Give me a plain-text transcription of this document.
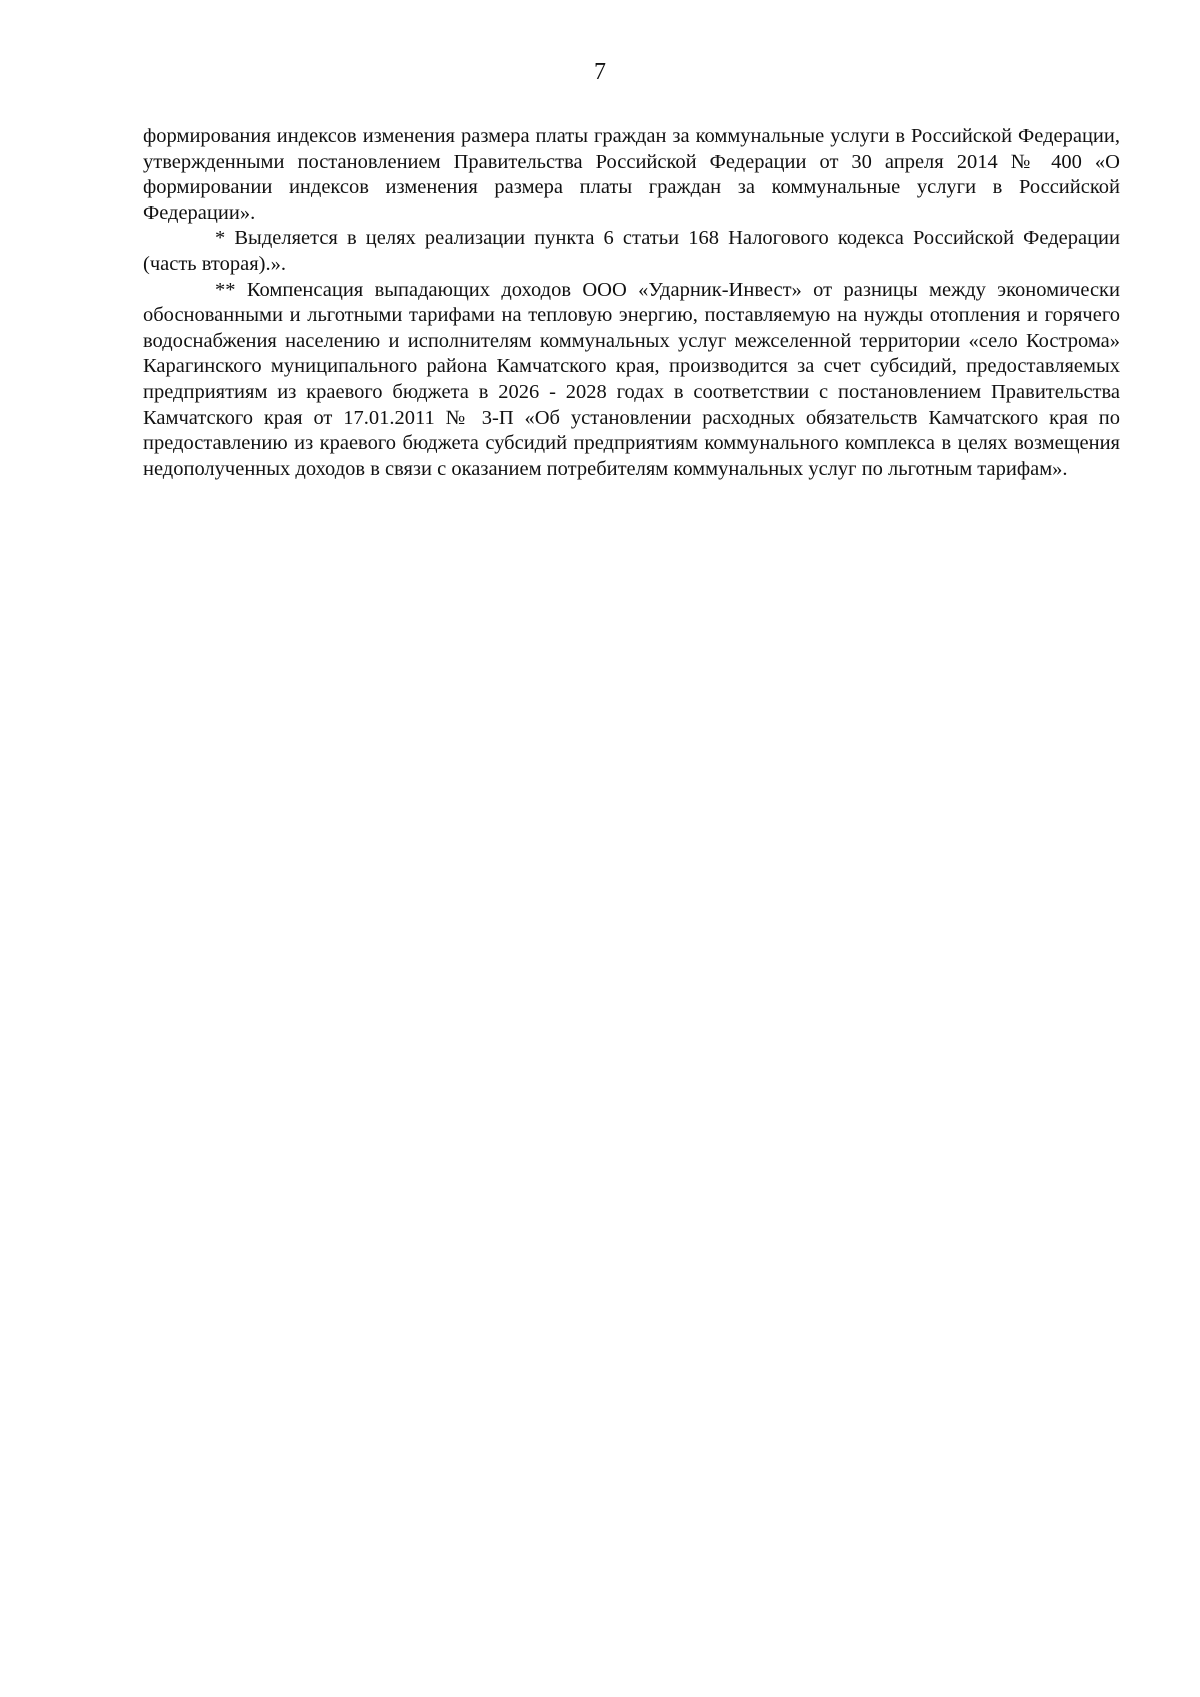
7

формирования индексов изменения размера платы граждан за коммунальные услуги в Российской Федерации, утвержденными постановлением Правительства Российской Федерации от 30 апреля 2014 № 400 «О формировании индексов изменения размера платы граждан за коммунальные услуги в Российской Федерации».

* Выделяется в целях реализации пункта 6 статьи 168 Налогового кодекса Российской Федерации (часть вторая).».

** Компенсация выпадающих доходов ООО «Ударник-Инвест» от разницы между экономически обоснованными и льготными тарифами на тепловую энергию, поставляемую на нужды отопления и горячего водоснабжения населению и исполнителям коммунальных услуг межселенной территории «село Кострома» Карагинского муниципального района Камчатского края, производится за счет субсидий, предоставляемых предприятиям из краевого бюджета в 2026 - 2028 годах в соответствии с постановлением Правительства Камчатского края от 17.01.2011 № 3-П «Об установлении расходных обязательств Камчатского края по предоставлению из краевого бюджета субсидий предприятиям коммунального комплекса в целях возмещения недополученных доходов в связи с оказанием потребителям коммунальных услуг по льготным тарифам».
